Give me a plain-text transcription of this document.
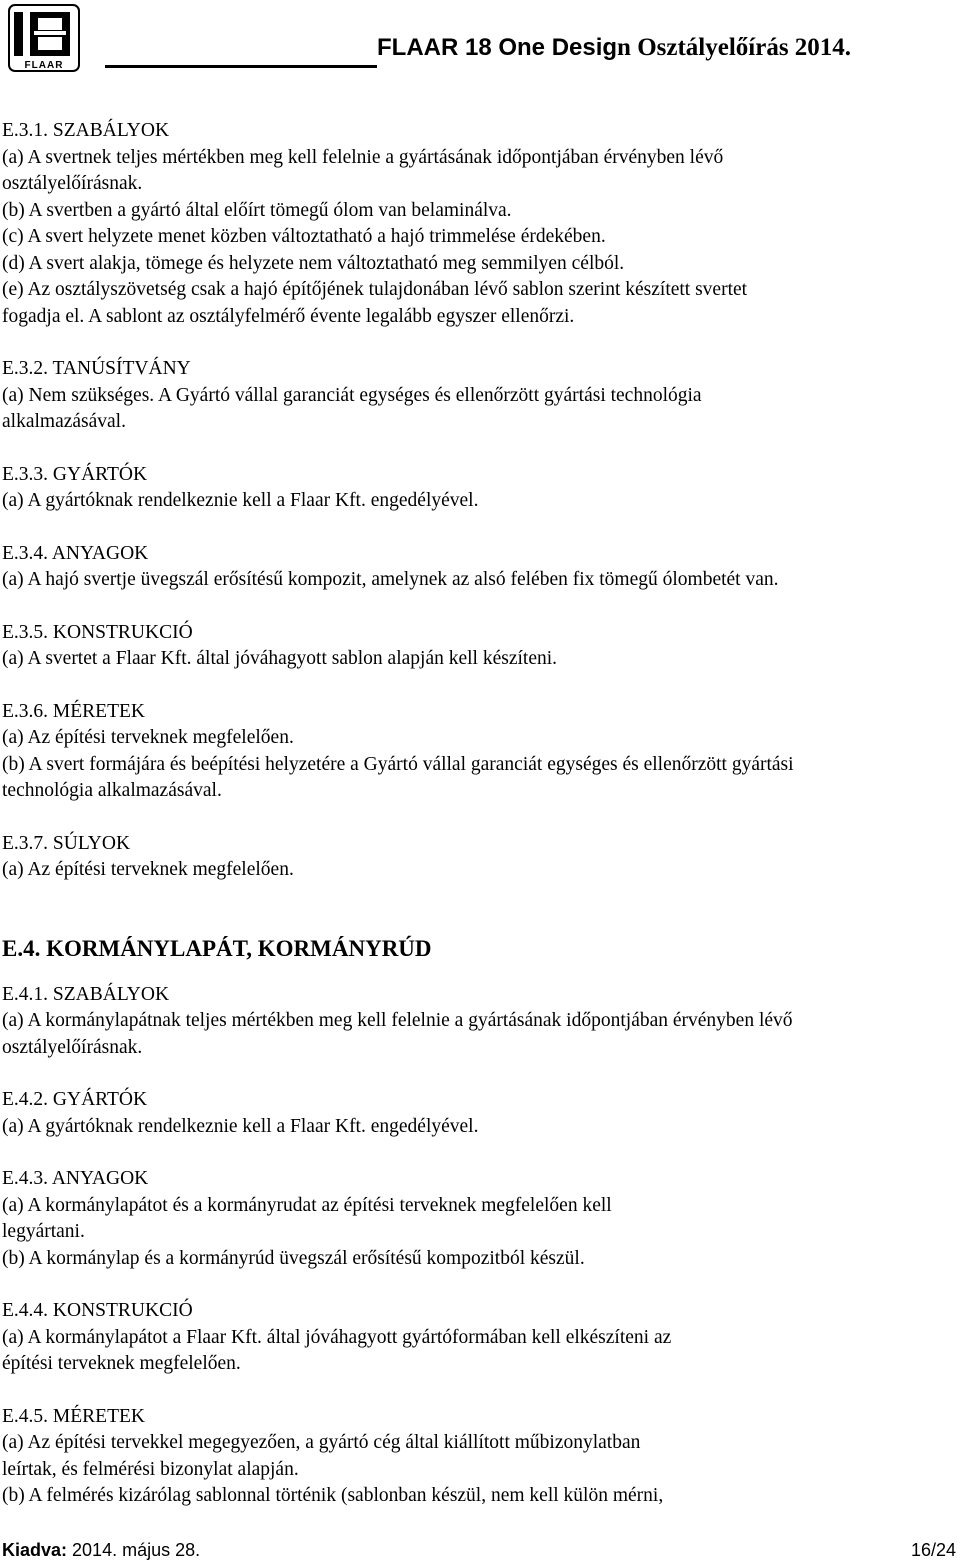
FLAAR
FLAAR 18 One Design Osztályelőírás 2014.

E.3.1. SZABÁLYOK

(a) A svertnek teljes mértékben meg kell felelnie a gyártásának időpontjában érvényben lévő

osztályelőírásnak.

(b) A svertben a gyártó által előírt tömegű ólom van belaminálva.

(c) A svert helyzete menet közben változtatható a hajó trimmelése érdekében.

(d) A svert alakja, tömege és helyzete nem változtatható meg semmilyen célból.

(e) Az osztályszövetség csak a hajó építőjének tulajdonában lévő sablon szerint készített svertet

fogadja el. A sablont az osztályfelmérő évente legalább egyszer ellenőrzi.

E.3.2. TANÚSÍTVÁNY

(a) Nem szükséges. A Gyártó vállal garanciát egységes és ellenőrzött gyártási technológia

alkalmazásával.

E.3.3. GYÁRTÓK

(a) A gyártóknak rendelkeznie kell a Flaar Kft. engedélyével.

E.3.4. ANYAGOK

(a) A hajó svertje üvegszál erősítésű kompozit, amelynek az alsó felében fix tömegű ólombetét van.

E.3.5. KONSTRUKCIÓ

(a) A svertet a Flaar Kft. által jóváhagyott sablon alapján kell készíteni.

E.3.6. MÉRETEK

(a) Az építési terveknek megfelelően.

(b) A svert formájára és beépítési helyzetére a Gyártó vállal garanciát egységes és ellenőrzött gyártási

technológia alkalmazásával.

E.3.7. SÚLYOK

(a) Az építési terveknek megfelelően.

E.4. KORMÁNYLAPÁT, KORMÁNYRÚD

E.4.1. SZABÁLYOK

(a) A kormánylapátnak teljes mértékben meg kell felelnie a gyártásának időpontjában érvényben lévő

osztályelőírásnak.

E.4.2. GYÁRTÓK

(a) A gyártóknak rendelkeznie kell a Flaar Kft. engedélyével.

E.4.3. ANYAGOK

(a) A kormánylapátot és a kormányrudat az építési terveknek megfelelően kell

legyártani.

(b) A kormánylap és a kormányrúd üvegszál erősítésű kompozitból készül.

E.4.4. KONSTRUKCIÓ

(a) A kormánylapátot a Flaar Kft. által jóváhagyott gyártóformában kell elkészíteni az

építési terveknek megfelelően.

E.4.5. MÉRETEK

(a) Az építési tervekkel megegyezően, a gyártó cég által kiállított műbizonylatban

leírtak, és felmérési bizonylat alapján.

(b) A felmérés kizárólag sablonnal történik (sablonban készül, nem kell külön mérni,

Kiadva: 2014. május 28.	16/24
